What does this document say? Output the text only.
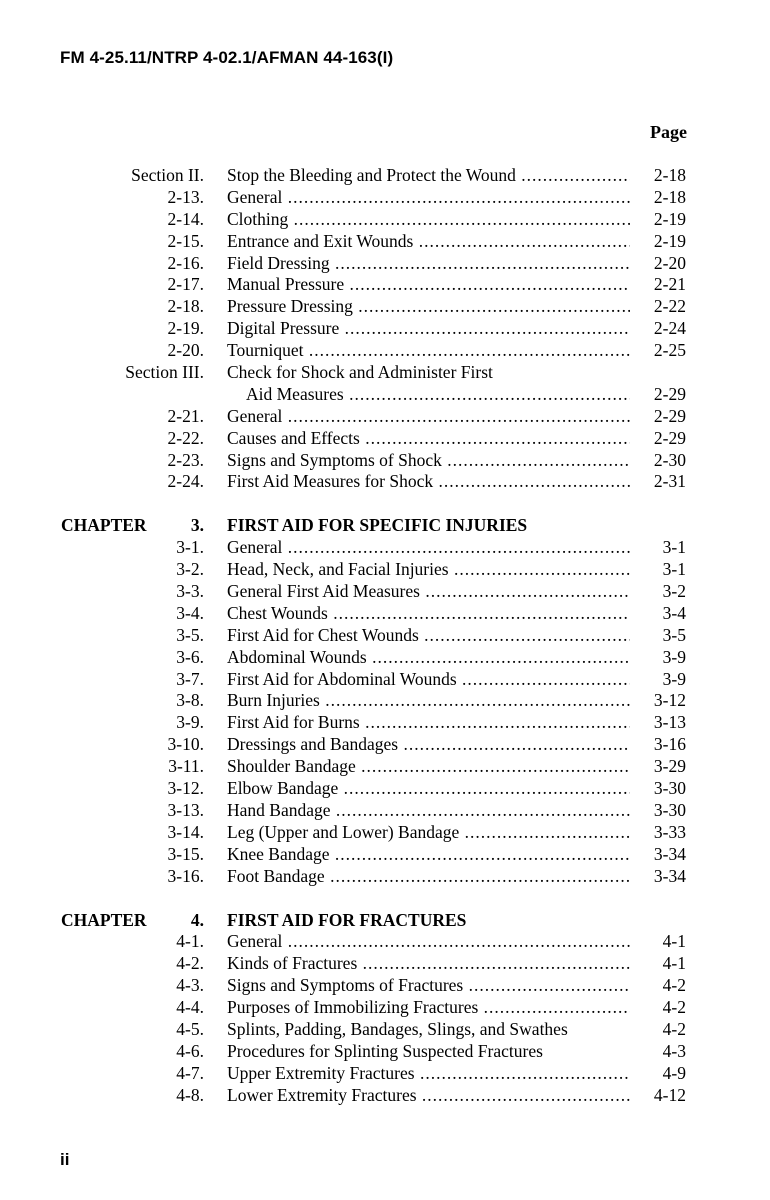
FM 4-25.11/NTRP 4-02.1/AFMAN 44-163(I)
Page
Section II. Stop the Bleeding and Protect the Wound .....	2-18
2-13. General .....	2-18
2-14. Clothing .....	2-19
2-15. Entrance and Exit Wounds .....	2-19
2-16. Field Dressing .....	2-20
2-17. Manual Pressure .....	2-21
2-18. Pressure Dressing .....	2-22
2-19. Digital Pressure .....	2-24
2-20. Tourniquet .....	2-25
Section III. Check for Shock and Administer First
Aid Measures .....	2-29
2-21. General .....	2-29
2-22. Causes and Effects .....	2-29
2-23. Signs and Symptoms of Shock .....	2-30
2-24. First Aid Measures for Shock .....	2-31
CHAPTER	3. FIRST AID FOR SPECIFIC INJURIES
3-1. General .....	3-1
3-2. Head, Neck, and Facial Injuries .....	3-1
3-3. General First Aid Measures .....	3-2
3-4. Chest Wounds .....	3-4
3-5. First Aid for Chest Wounds .....	3-5
3-6. Abdominal Wounds .....	3-9
3-7. First Aid for Abdominal Wounds .....	3-9
3-8. Burn Injuries .....	3-12
3-9. First Aid for Burns .....	3-13
3-10. Dressings and Bandages .....	3-16
3-11. Shoulder Bandage .....	3-29
3-12. Elbow Bandage .....	3-30
3-13. Hand Bandage .....	3-30
3-14. Leg (Upper and Lower) Bandage .....	3-33
3-15. Knee Bandage .....	3-34
3-16. Foot Bandage .....	3-34
CHAPTER	4. FIRST AID FOR FRACTURES
4-1. General .....	4-1
4-2. Kinds of Fractures .....	4-1
4-3. Signs and Symptoms of Fractures .....	4-2
4-4. Purposes of Immobilizing Fractures .....	4-2
4-5. Splints, Padding, Bandages, Slings, and Swathes	4-2
4-6. Procedures for Splinting Suspected Fractures	4-3
4-7. Upper Extremity Fractures .....	4-9
4-8. Lower Extremity Fractures .....	4-12
ii
